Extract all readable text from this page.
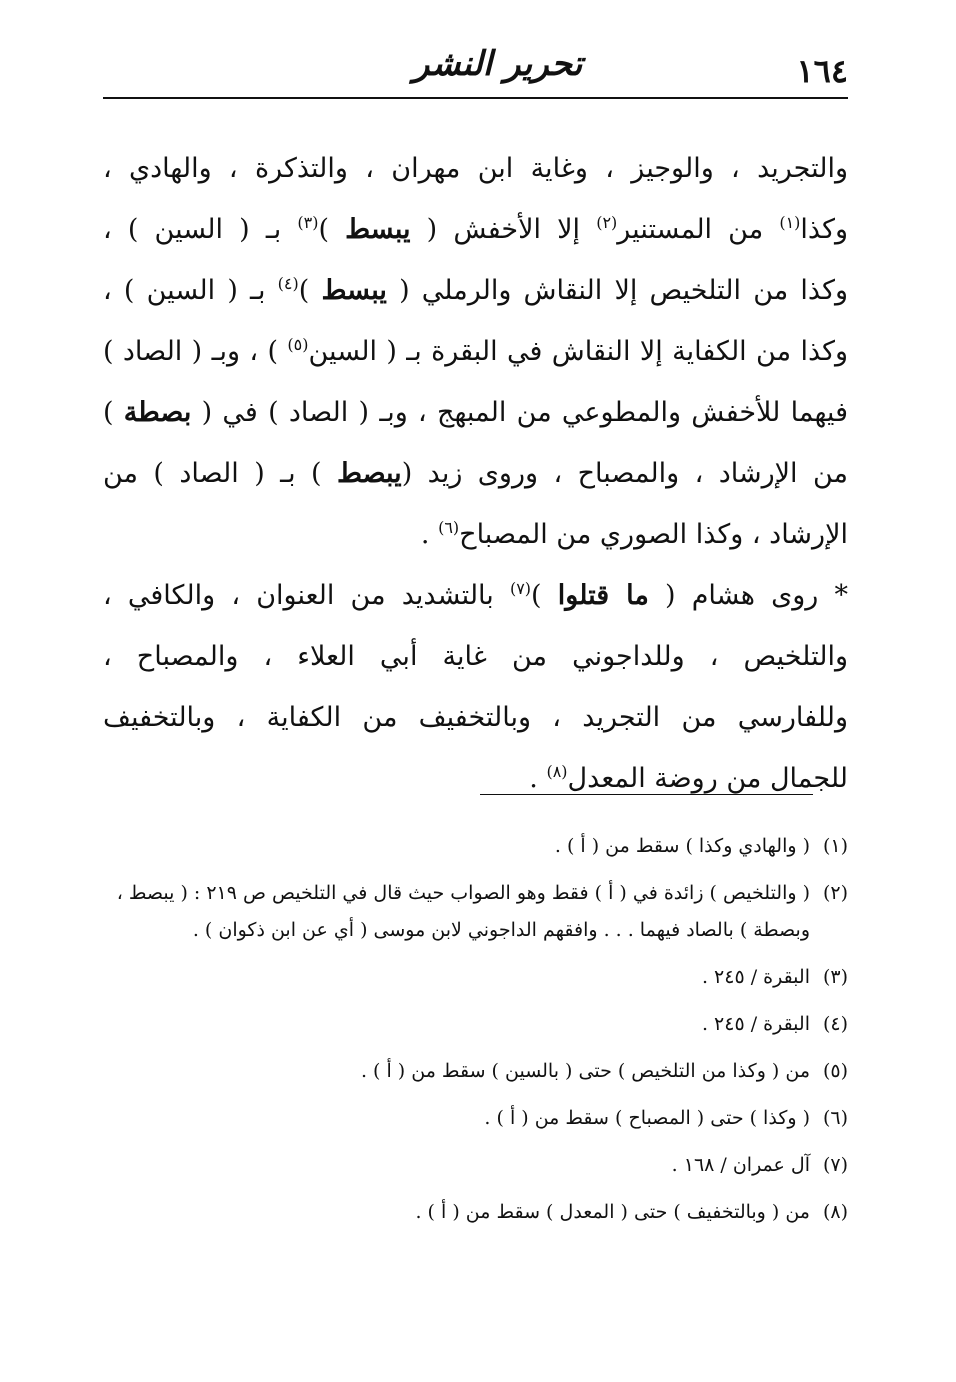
١٦٤
تحرير النشر
والتجريد ، والوجيز ، وغاية ابن مهران ، والتذكرة ، والهادي ،
وكذا$^{(١)}$ من المستنير$^{(٢)}$ إلا الأخفش ( يبسط )$^{(٣)}$ بـ ( السين ) ،
وكذا من التلخيص إلا النقاش والرملي ( يبسط )$^{(٤)}$ بـ ( السين ) ،
وكذا من الكفاية إلا النقاش في البقرة بـ ( السين$^{(٥)}$ ) ، وبـ ( الصاد )
فيهما للأخفش والمطوعي من المبهج ، وبـ ( الصاد ) في ( بصطة )
من الإرشاد ، والمصباح ، وروى زيد (يبصط ) بـ ( الصاد ) من
الإرشاد ، وكذا الصوري من المصباح$^{(٦)}$ .
* روى هشام ( ما قتلوا )$^{(٧)}$ بالتشديد من العنوان ، والكافي ،
والتلخيص ، وللداجوني من غاية أبي العلاء ، والمصباح ،
وللفارسي من التجريد ، وبالتخفيف من الكفاية ، وبالتخفيف
للجمال من روضة المعدل$^{(٨)}$ .
(١)
( والهادي وكذا ) سقط من ( أ ) .
(٢)
( والتلخيص ) زائدة في ( أ ) فقط وهو الصواب حيث قال في التلخيص ص ٢١٩ : ( يبصط ، وبصطة ) بالصاد فيهما . . . وافقهم الداجوني لابن موسى ( أي عن ابن ذكوان ) .
(٣)
البقرة / ٢٤٥ .
(٤)
البقرة / ٢٤٥ .
(٥)
من ( وكذا من التلخيص ) حتى ( بالسين ) سقط من ( أ ) .
(٦)
( وكذا ) حتى ( المصباح ) سقط من ( أ ) .
(٧)
آل عمران / ١٦٨ .
(٨)
من ( وبالتخفيف ) حتى ( المعدل ) سقط من ( أ ) .
